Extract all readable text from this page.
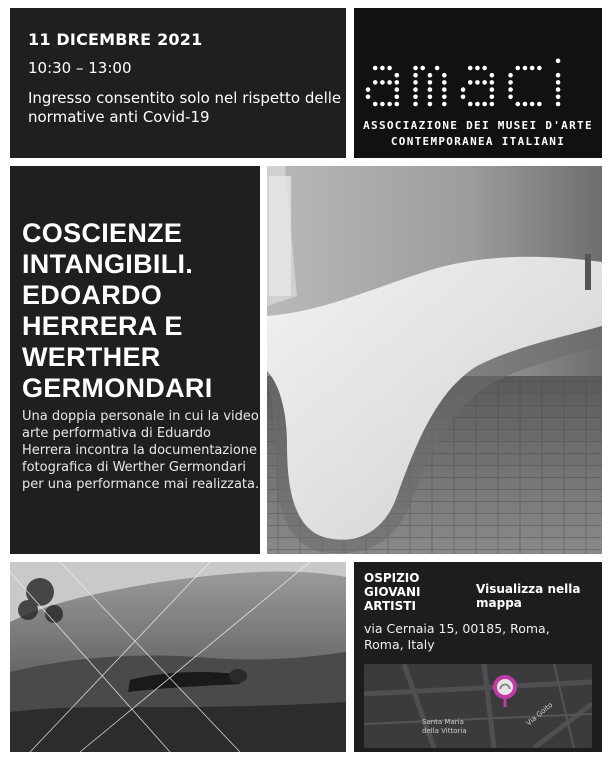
11 DICEMBRE 2021
10:30 – 13:00
Ingresso consentito solo nel rispetto delle normative anti Covid-19	ASSOCIAZIONE DEI MUSEI D'ARTE
CONTEMPORANEA ITALIANI
COSCIENZE INTANGIBILI. EDOARDO HERRERA E WERTHER GERMONDARI
Una doppia personale in cui la video arte performativa di Eduardo Herrera incontra la documentazione fotografica di Werther Germondari per una performance mai realizzata.
OSPIZIO GIOVANI ARTISTI
Visualizza nella mappa
via Cernaia 15, 00185, Roma, Roma, Italy
Santa Maria della Vittoria
Via Goito
